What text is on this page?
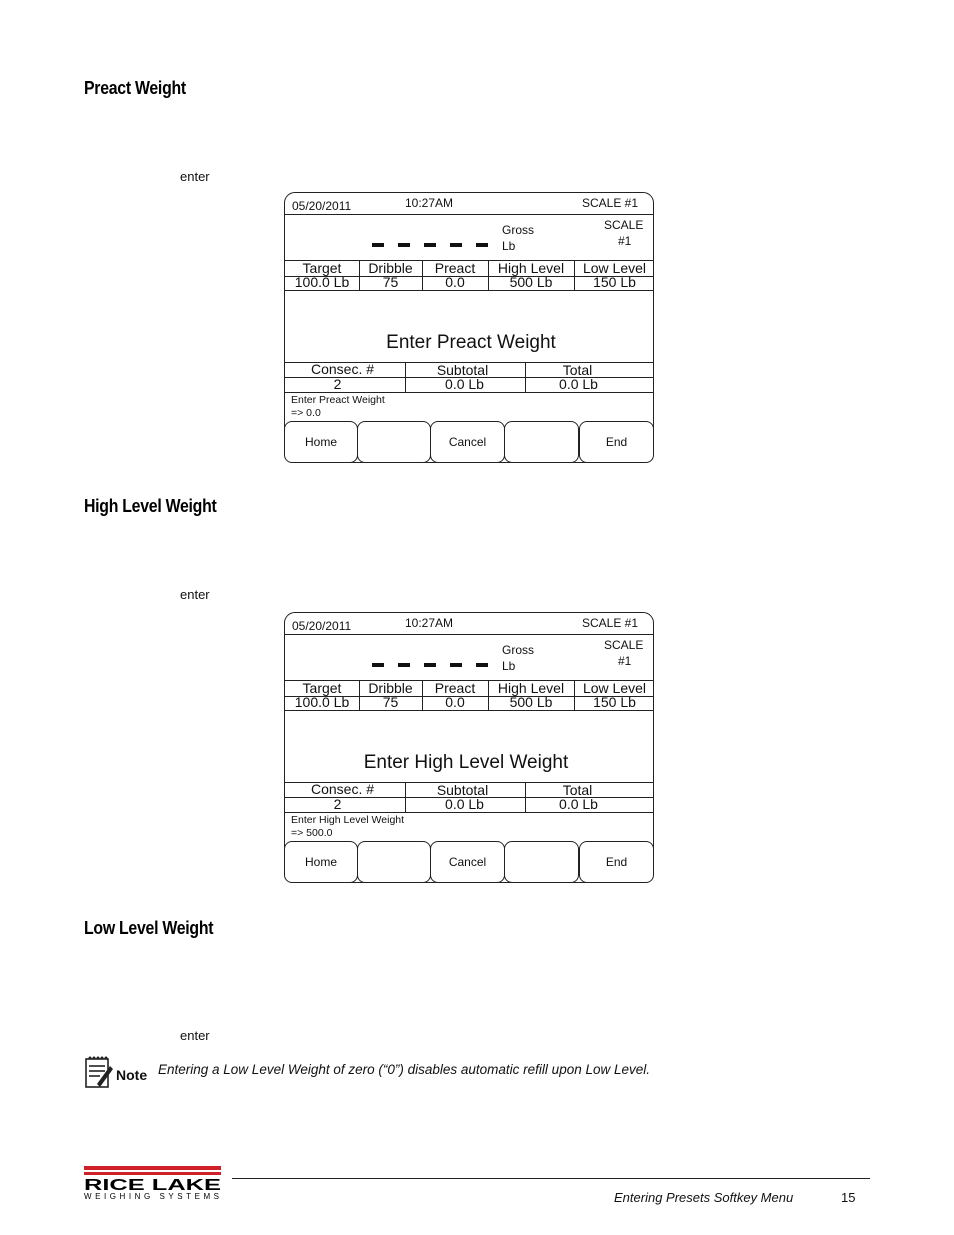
Preact Weight
enter
05/20/2011	10:27AM	SCALE #1
Gross
Lb
SCALE
#1
Target	Dribble	Preact	High Level	Low Level
100.0 Lb	75	0.0	500 Lb	150 Lb
Enter Preact Weight
Consec. #	Subtotal	Total
2	0.0 Lb	0.0 Lb
Enter Preact Weight
=> 0.0
Home	Cancel	End
High Level Weight
enter
05/20/2011	10:27AM	SCALE #1
Gross
Lb
SCALE
#1
Target	Dribble	Preact	High Level	Low Level
100.0 Lb	75	0.0	500 Lb	150 Lb
Enter High Level Weight
Consec. #	Subtotal	Total
2	0.0 Lb	0.0 Lb
Enter High Level Weight
=> 500.0
Home	Cancel	End
Low Level Weight
enter
Note Entering a Low Level Weight of zero (“0”) disables automatic refill upon Low Level.
RICE LAKE
WEIGHING SYSTEMS	Entering Presets Softkey Menu	15
